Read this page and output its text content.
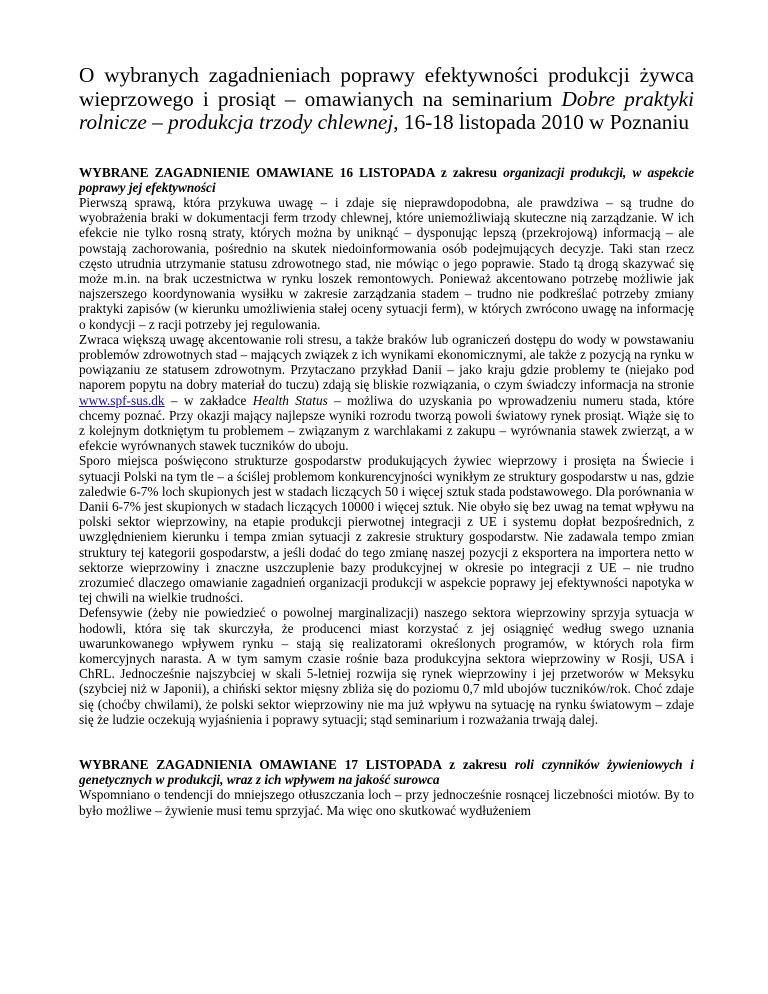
O wybranych zagadnieniach poprawy efektywności produkcji żywca wieprzowego i prosiąt – omawianych na seminarium Dobre praktyki rolnicze – produkcja trzody chlewnej, 16-18 listopada 2010 w Poznaniu

WYBRANE ZAGADNIENIE OMAWIANE 16 LISTOPADA z zakresu organizacji produkcji, w aspekcie poprawy jej efektywności

Pierwszą sprawą, która przykuwa uwagę – i zdaje się nieprawdopodobna, ale prawdziwa – są trudne do wyobrażenia braki w dokumentacji ferm trzody chlewnej, które uniemożliwiają skuteczne nią zarządzanie. W ich efekcie nie tylko rosną straty, których można by uniknąć – dysponując lepszą (przekrojową) informacją – ale powstają zachorowania, pośrednio na skutek niedoinformowania osób podejmujących decyzje. Taki stan rzecz często utrudnia utrzymanie statusu zdrowotnego stad, nie mówiąc o jego poprawie. Stado tą drogą skazywać się może m.in. na brak uczestnictwa w rynku loszek remontowych. Ponieważ akcentowano potrzebę możliwie jak najszerszego koordynowania wysiłku w zakresie zarządzania stadem – trudno nie podkreślać potrzeby zmiany praktyki zapisów (w kierunku umożliwienia stałej oceny sytuacji ferm), w których zwrócono uwagę na informację o kondycji – z racji potrzeby jej regulowania.

Zwraca większą uwagę akcentowanie roli stresu, a także braków lub ograniczeń dostępu do wody w powstawaniu problemów zdrowotnych stad – mających związek z ich wynikami ekonomicznymi, ale także z pozycją na rynku w powiązaniu ze statusem zdrowotnym. Przytaczano przykład Danii – jako kraju gdzie problemy te (niejako pod naporem popytu na dobry materiał do tuczu) zdają się bliskie rozwiązania, o czym świadczy informacja na stronie www.spf-sus.dk – w zakładce Health Status – możliwa do uzyskania po wprowadzeniu numeru stada, które chcemy poznać. Przy okazji mający najlepsze wyniki rozrodu tworzą powoli światowy rynek prosiąt. Wiąże się to z kolejnym dotkniętym tu problemem – związanym z warchlakami z zakupu – wyrównania stawek zwierząt, a w efekcie wyrównanych stawek tuczników do uboju.

Sporo miejsca poświęcono strukturze gospodarstw produkujących żywiec wieprzowy i prosięta na Świecie i sytuacji Polski na tym tle – a ściślej problemom konkurencyjności wynikłym ze struktury gospodarstw u nas, gdzie zaledwie 6-7% loch skupionych jest w stadach liczących 50 i więcej sztuk stada podstawowego. Dla porównania w Danii 6-7% jest skupionych w stadach liczących 10000 i więcej sztuk. Nie obyło się bez uwag na temat wpływu na polski sektor wieprzowiny, na etapie produkcji pierwotnej integracji z UE i systemu dopłat bezpośrednich, z uwzględnieniem kierunku i tempa zmian sytuacji z zakresie struktury gospodarstw. Nie zadawala tempo zmian struktury tej kategorii gospodarstw, a jeśli dodać do tego zmianę naszej pozycji z eksportera na importera netto w sektorze wieprzowiny i znaczne uszczuplenie bazy produkcyjnej w okresie po integracji z UE – nie trudno zrozumieć dlaczego omawianie zagadnień organizacji produkcji w aspekcie poprawy jej efektywności napotyka w tej chwili na wielkie trudności.

Defensywie (żeby nie powiedzieć o powolnej marginalizacji) naszego sektora wieprzowiny sprzyja sytuacja w hodowli, która się tak skurczyła, że producenci miast korzystać z jej osiągnięć według swego uznania uwarunkowanego wpływem rynku – stają się realizatorami określonych programów, w których rola firm komercyjnych narasta. A w tym samym czasie rośnie baza produkcyjna sektora wieprzowiny w Rosji, USA i ChRL. Jednocześnie najszybciej w skali 5-letniej rozwija się rynek wieprzowiny i jej przetworów w Meksyku (szybciej niż w Japonii), a chiński sektor mięsny zbliża się do poziomu 0,7 mld ubojów tuczników/rok. Choć zdaje się (choćby chwilami), że polski sektor wieprzowiny nie ma już wpływu na sytuację na rynku światowym – zdaje się że ludzie oczekują wyjaśnienia i poprawy sytuacji; stąd seminarium i rozważania trwają dalej.

WYBRANE ZAGADNIENIA OMAWIANE 17 LISTOPADA z zakresu roli czynników żywieniowych i genetycznych w produkcji, wraz z ich wpływem na jakość surowca

Wspomniano o tendencji do mniejszego otłuszczania loch – przy jednocześnie rosnącej liczebności miotów. By to było możliwe – żywienie musi temu sprzyjać. Ma więc ono skutkować wydłużeniem
